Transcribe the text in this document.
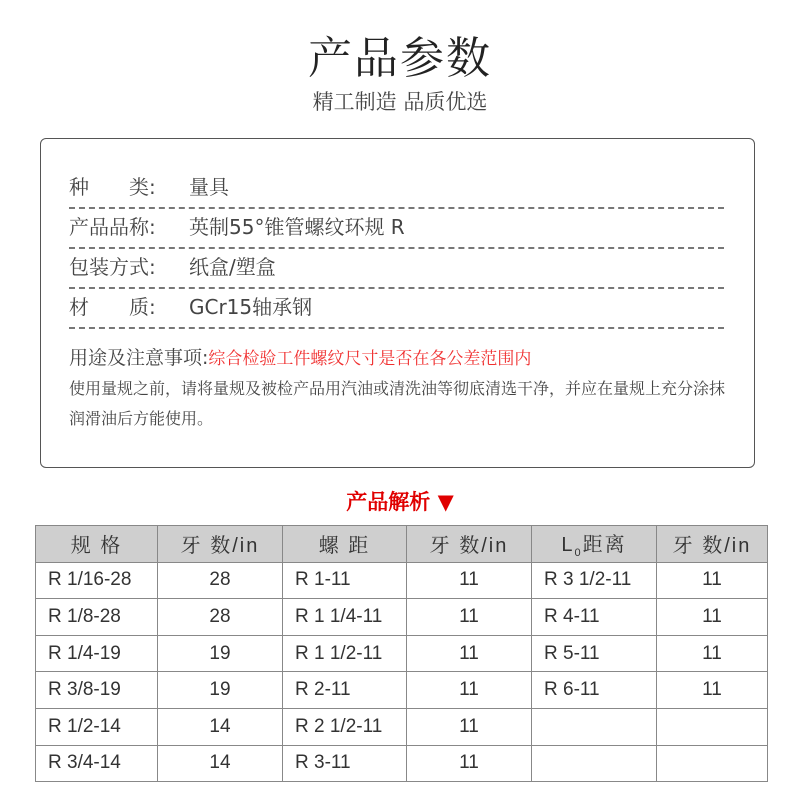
产品参数
精工制造 品质优选
种　　类: 量具
产品品称: 英制55°锥管螺纹环规 R
包装方式: 纸盒/塑盒
材　　质: GCr15轴承钢
用途及注意事项:综合检验工件螺纹尺寸是否在各公差范围内

使用量规之前，请将量规及被检产品用汽油或清洗油等彻底清选干净，并应在量规上充分涂抹润滑油后方能使用。

产品解析 ▼
规 格	牙 数/in	螺 距	牙 数/in	$L_0$距离	牙 数/in
R 1/16-28	28	R 1-11	11	R 3 1/2-11	11
R 1/8-28	28	R 1 1/4-11	11	R 4-11	11
R 1/4-19	19	R 1 1/2-11	11	R 5-11	11
R 3/8-19	19	R 2-11	11	R 6-11	11
R 1/2-14	14	R 2 1/2-11	11		
R 3/4-14	14	R 3-11	11		
